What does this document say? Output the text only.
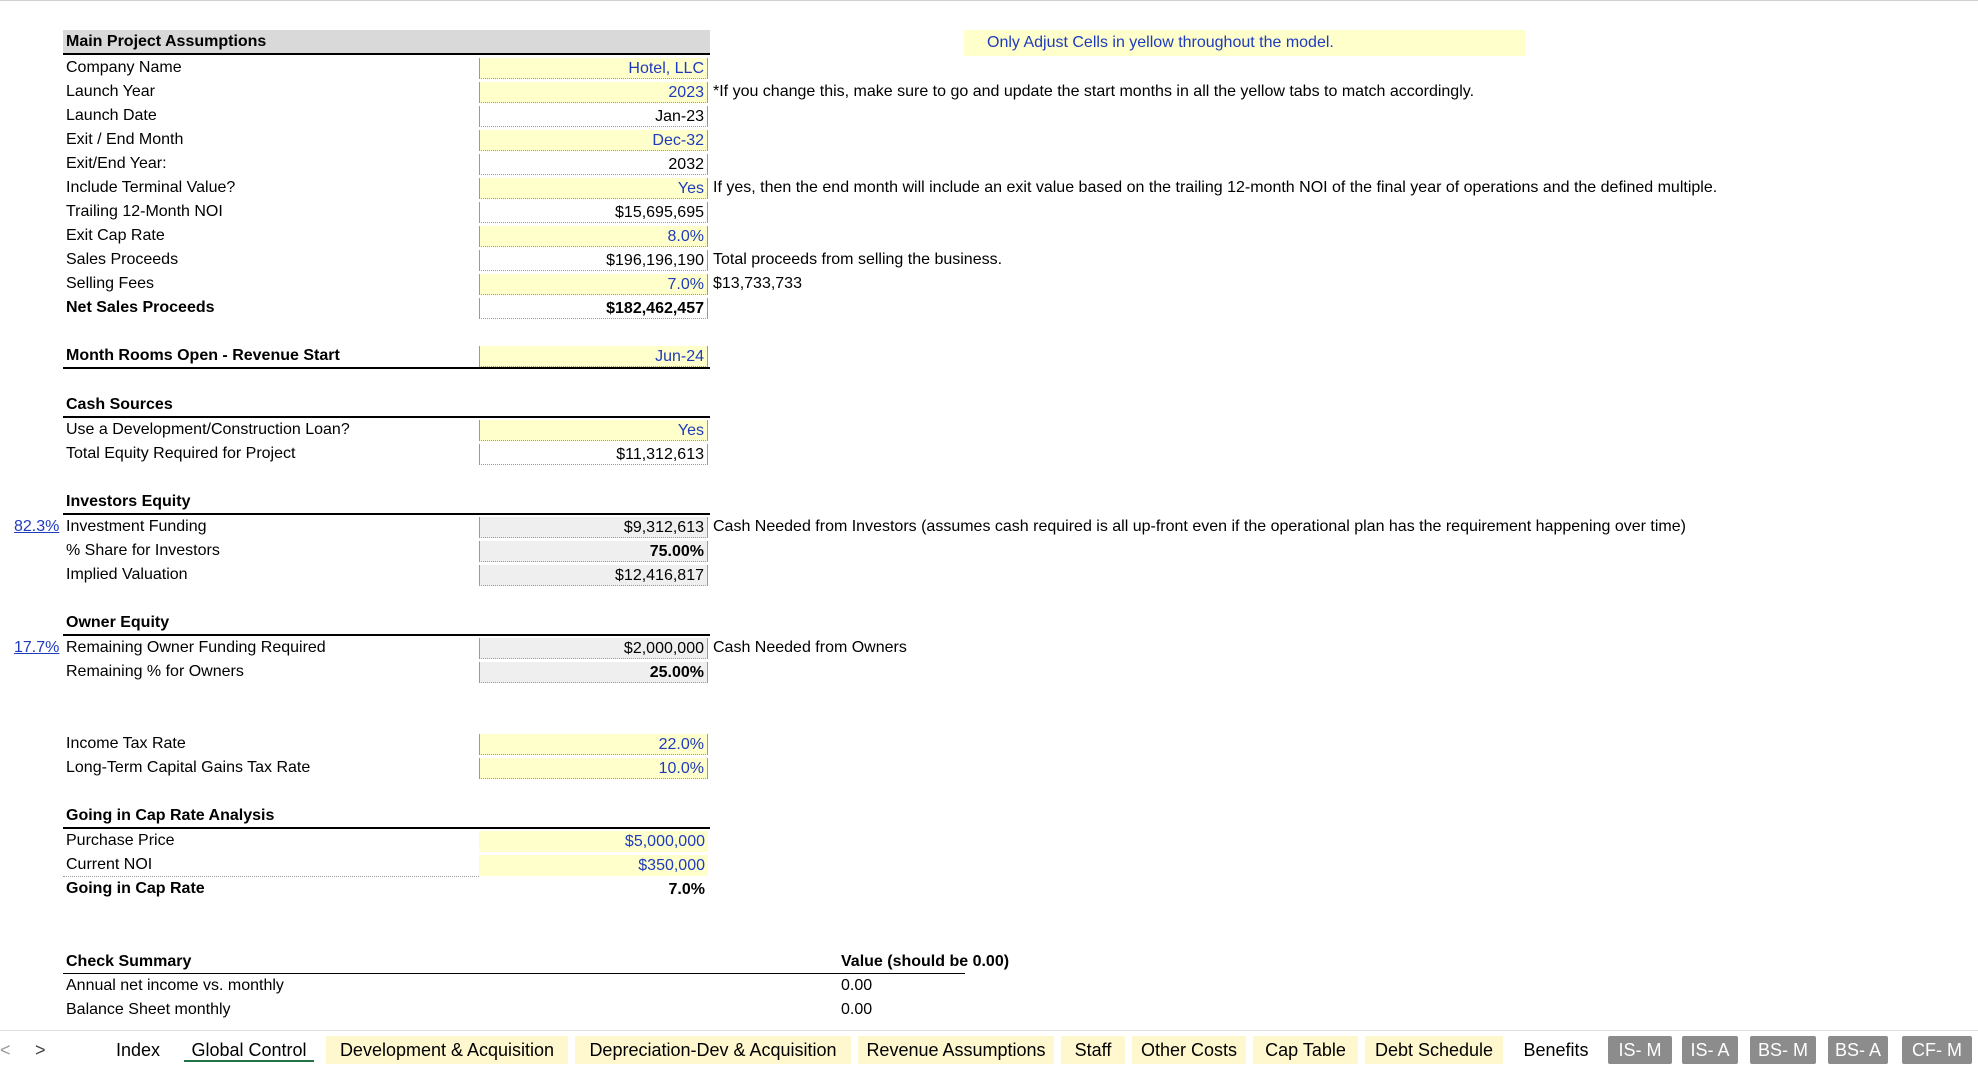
Only Adjust Cells in yellow throughout the model.
Main Project Assumptions
Company Name	Hotel, LLC
Launch Year	2023 *If you change this, make sure to go and update the start months in all the yellow tabs to match accordingly.
Launch Date	Jan-23
Exit / End Month	Dec-32
Exit/End Year:	2032
Include Terminal Value?	Yes If yes, then the end month will include an exit value based on the trailing 12-month NOI of the final year of operations and the defined multiple.
Trailing 12-Month NOI	$15,695,695
Exit Cap Rate	8.0%
Sales Proceeds	$196,196,190 Total proceeds from selling the business.
Selling Fees	7.0% $13,733,733
Net Sales Proceeds	$182,462,457
Month Rooms Open - Revenue Start	Jun-24
Cash Sources
Use a Development/Construction Loan?	Yes
Total Equity Required for Project	$11,312,613
Investors Equity
82.3% Investment Funding	$9,312,613 Cash Needed from Investors (assumes cash required is all up-front even if the operational plan has the requirement happening over time)
% Share for Investors	75.00%
Implied Valuation	$12,416,817
Owner Equity
17.7% Remaining Owner Funding Required	$2,000,000 Cash Needed from Owners
Remaining % for Owners	25.00%
Income Tax Rate	22.0%
Long-Term Capital Gains Tax Rate	10.0%
Going in Cap Rate Analysis
Purchase Price	$5,000,000
Current NOI	$350,000
Going in Cap Rate	7.0%
Check Summary	Value (should be 0.00)
Annual net income vs. monthly	0.00
Balance Sheet monthly	0.00
< >	Index	Global Control	Development & Acquisition	Depreciation-Dev & Acquisition	Revenue Assumptions	Staff	Other Costs	Cap Table	Debt Schedule	Benefits	IS- M	IS- A	BS- M	BS- A	CF- M
